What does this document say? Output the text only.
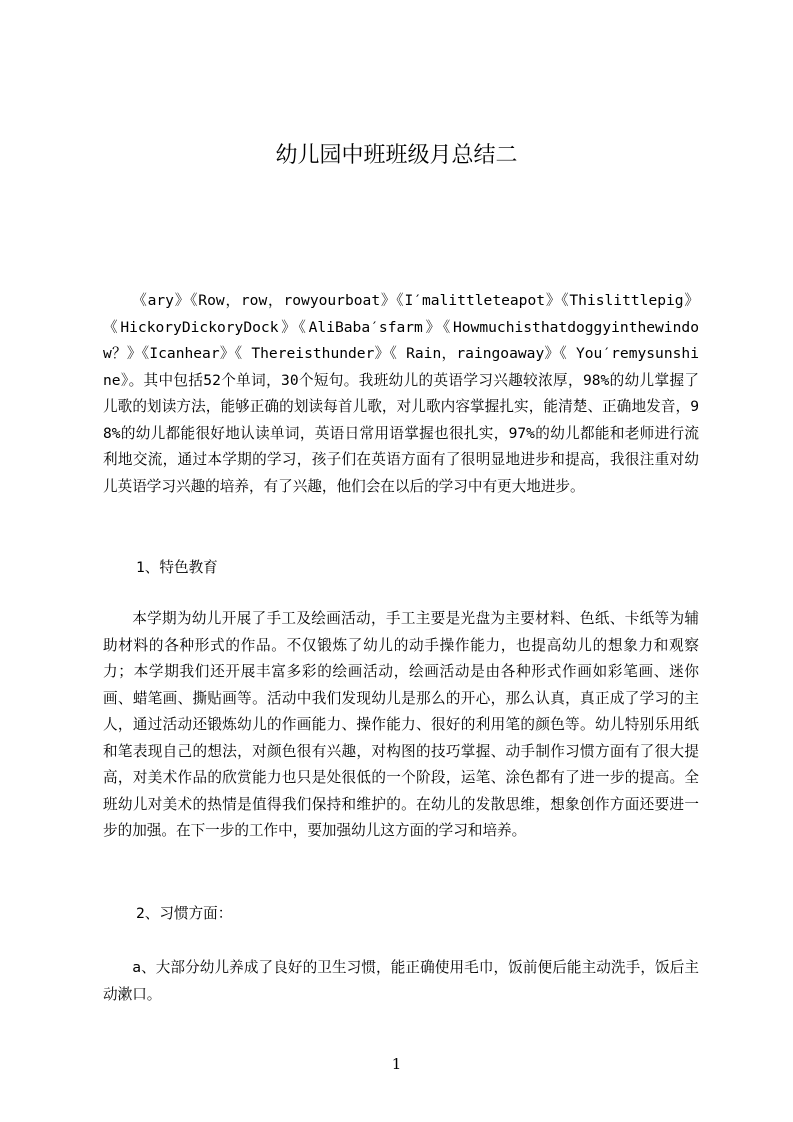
幼儿园中班班级月总结二

《ary》《Row，row，rowyourboat》《I′malittleteapot》《Thislittlepig》《HickoryDickoryDock》《AliBaba′sfarm》《Howmuchisthatdoggyinthewindow？》《Icanhear》《 Thereisthunder》《 Rain，raingoaway》《 You′remysunshine》。其中包括52个单词，30个短句。我班幼儿的英语学习兴趣较浓厚，98%的幼儿掌握了儿歌的划读方法，能够正确的划读每首儿歌，对儿歌内容掌握扎实，能清楚、正确地发音，98%的幼儿都能很好地认读单词，英语日常用语掌握也很扎实，97%的幼儿都能和老师进行流利地交流，通过本学期的学习，孩子们在英语方面有了很明显地进步和提高，我很注重对幼儿英语学习兴趣的培养，有了兴趣，他们会在以后的学习中有更大地进步。

1、特色教育

本学期为幼儿开展了手工及绘画活动，手工主要是光盘为主要材料、色纸、卡纸等为辅助材料的各种形式的作品。不仅锻炼了幼儿的动手操作能力，也提高幼儿的想象力和观察力；本学期我们还开展丰富多彩的绘画活动，绘画活动是由各种形式作画如彩笔画、迷你画、蜡笔画、撕贴画等。活动中我们发现幼儿是那么的开心，那么认真，真正成了学习的主人，通过活动还锻炼幼儿的作画能力、操作能力、很好的利用笔的颜色等。幼儿特别乐用纸和笔表现自己的想法，对颜色很有兴趣，对构图的技巧掌握、动手制作习惯方面有了很大提高，对美术作品的欣赏能力也只是处很低的一个阶段，运笔、涂色都有了进一步的提高。全班幼儿对美术的热情是值得我们保持和维护的。在幼儿的发散思维，想象创作方面还要进一步的加强。在下一步的工作中，要加强幼儿这方面的学习和培养。

2、习惯方面：

a、大部分幼儿养成了良好的卫生习惯，能正确使用毛巾，饭前便后能主动洗手，饭后主动漱口。

1
